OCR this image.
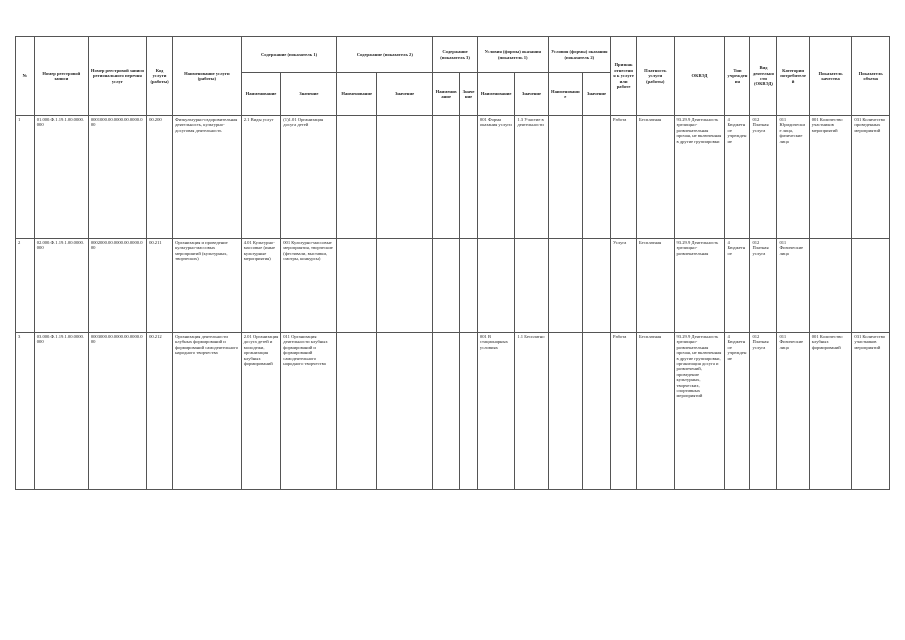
№	Номер реестровой записи	Номер реестровой записи регионального перечня услуг	Код услуги (работы)	Наименование услуги (работы)	Содержание (показатель 1)		Содержание (показатель 2)		Содержание (показатель 3)		Условия (формы) оказания (показатель 1)		Условия (формы) оказания (показатель 2)		Признак отнесения к услуге или работе	Платность услуги (работы)	ОКВЭД	Тип учреждения	Вид деятельности (ОКВЭД)	Категории потребителей	Показатель качества	Показатель объема
					Наименование	Значение	Наименование	Значение	Наименование	Значение	Наименование	Значение	Наименование	Значение								
1	01.000.Ф.1.19.1.00.0000.000	0001000.00.0000.00.0000.000	00.200	Физкультурно-оздоровительная деятельность, культурно-досуговая деятельность	2.1 Виды услуг	(1)1.01 Организация досуга детей					001 Форма оказания услуги	1.3 Участие в деятельности			Работа	Бесплатная	93.29.9 Деятельность зрелищно-развлекательная прочая, не включенная в другие группировки	4 Бюджетное учреждение	012 Платная услуга	011 Юридические лица, физические лица	001 Количество участников мероприятий	031 Количество проведенных мероприятий
2	02.000.Ф.1.19.1.00.0000.000	0002000.00.0000.00.0000.000	00.211	Организация и проведение культурно-массовых мероприятий (культурных, творческих)	4.01 Культурно-массовые (иные культурные мероприятия)	001 Культурно-массовые мероприятия, творческие (фестивали, выставки, смотры, конкурсы)									Услуга	Бесплатная	93.29.9 Деятельность зрелищно-развлекательная	4 Бюджетное	012 Платная услуга	011 Физические лица		
3	03.000.Ф.1.19.1.00.0000.000	0003000.00.0000.00.0000.000	00.212	Организация деятельности клубных формирований и формирований самодеятельного народного творчества	2.01 Организация досуга детей и молодежи, организация клубных формирований	011 Организация деятельности клубных формирований и формирований самодеятельного народного творчества					001 В стационарных условиях	1.1 Бесплатно			Работа	Бесплатная	93.29.9 Деятельность зрелищно-развлекательная прочая, не включенная в другие группировки, организация досуга и развлечений, проведение культурных, творческих, спортивных мероприятий	4 Бюджетное учреждение	012 Платная услуга	011 Физические лица	001 Количество клубных формирований	031 Количество участников мероприятий
